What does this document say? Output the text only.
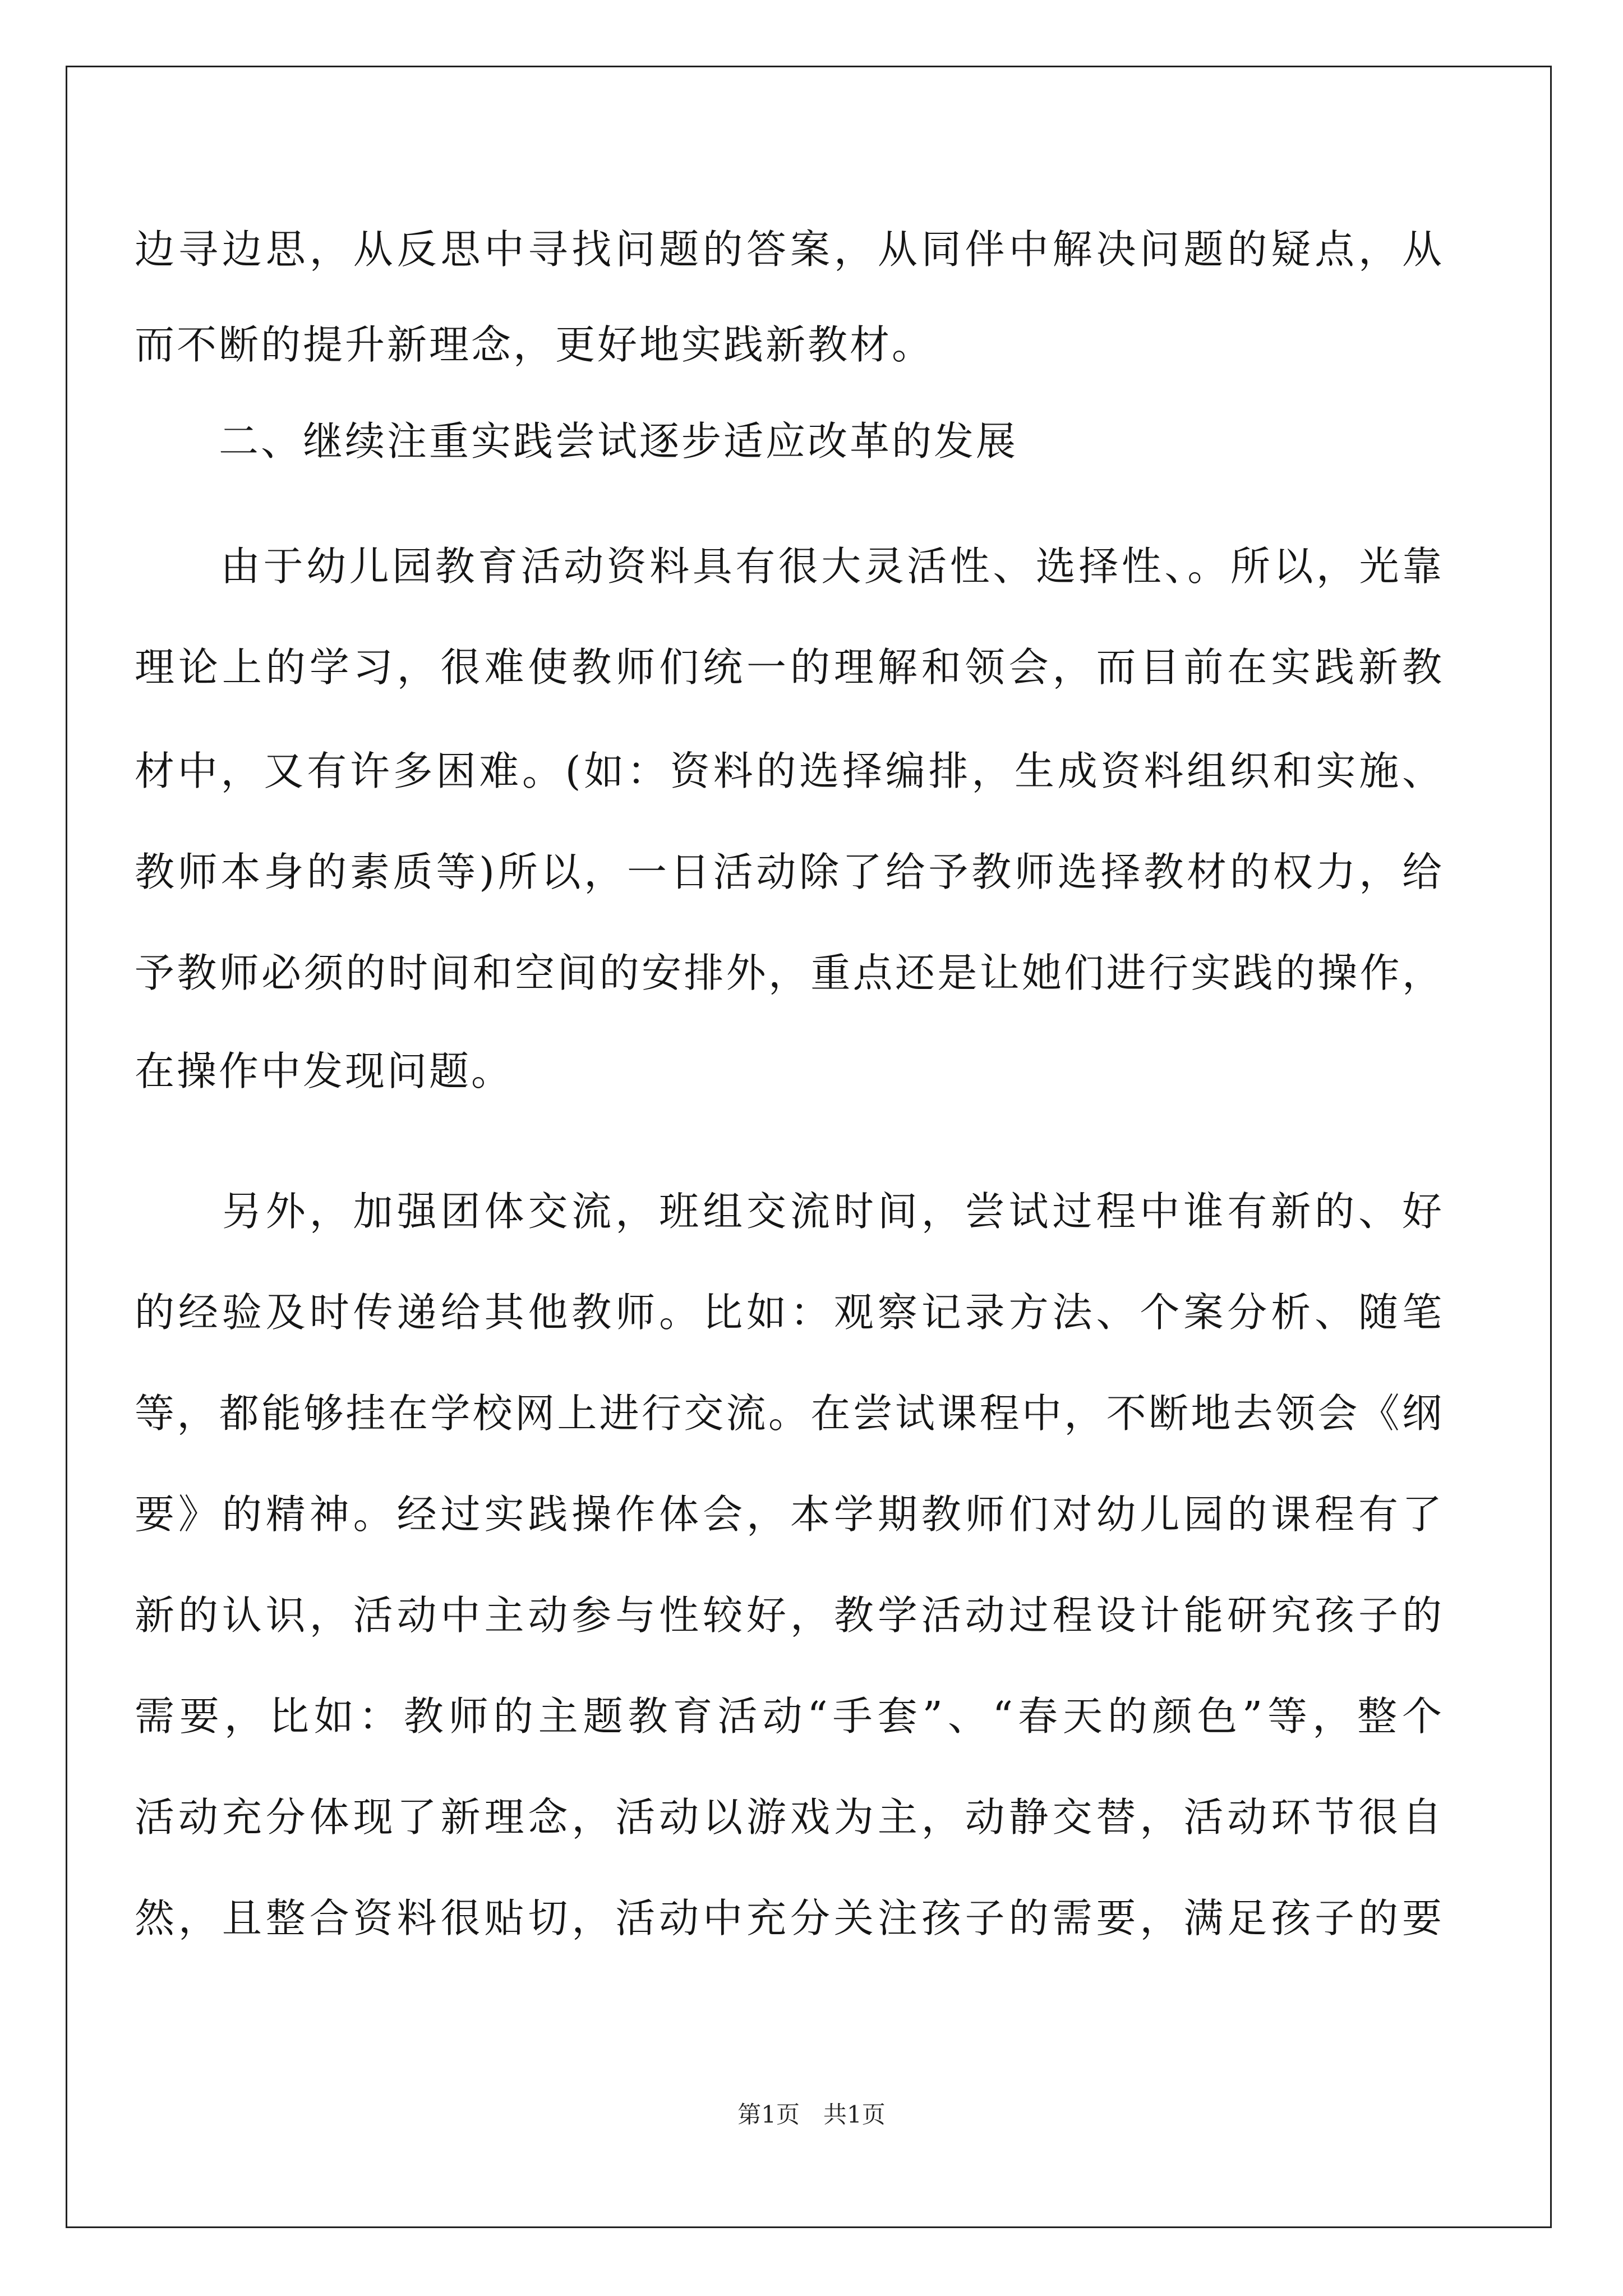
边寻边思，从反思中寻找问题的答案，从同伴中解决问题的疑点，从
而不断的提升新理念，更好地实践新教材。
　　二、继续注重实践尝试逐步适应改革的发展
　　由于幼儿园教育活动资料具有很大灵活性、选择性、。所以，光靠
理论上的学习，很难使教师们统一的理解和领会，而目前在实践新教
材中，又有许多困难。(如：资料的选择编排，生成资料组织和实施、
教师本身的素质等)所以，一日活动除了给予教师选择教材的权力，给
予教师必须的时间和空间的安排外，重点还是让她们进行实践的操作，
在操作中发现问题。
　　另外，加强团体交流，班组交流时间，尝试过程中谁有新的、好
的经验及时传递给其他教师。比如：观察记录方法、个案分析、随笔
等，都能够挂在学校网上进行交流。在尝试课程中，不断地去领会《纲
要》的精神。经过实践操作体会，本学期教师们对幼儿园的课程有了
新的认识，活动中主动参与性较好，教学活动过程设计能研究孩子的
需要，比如：教师的主题教育活动“手套”、“春天的颜色”等，整个
活动充分体现了新理念，活动以游戏为主，动静交替，活动环节很自
然，且整合资料很贴切，活动中充分关注孩子的需要，满足孩子的要
第1页　共1页
